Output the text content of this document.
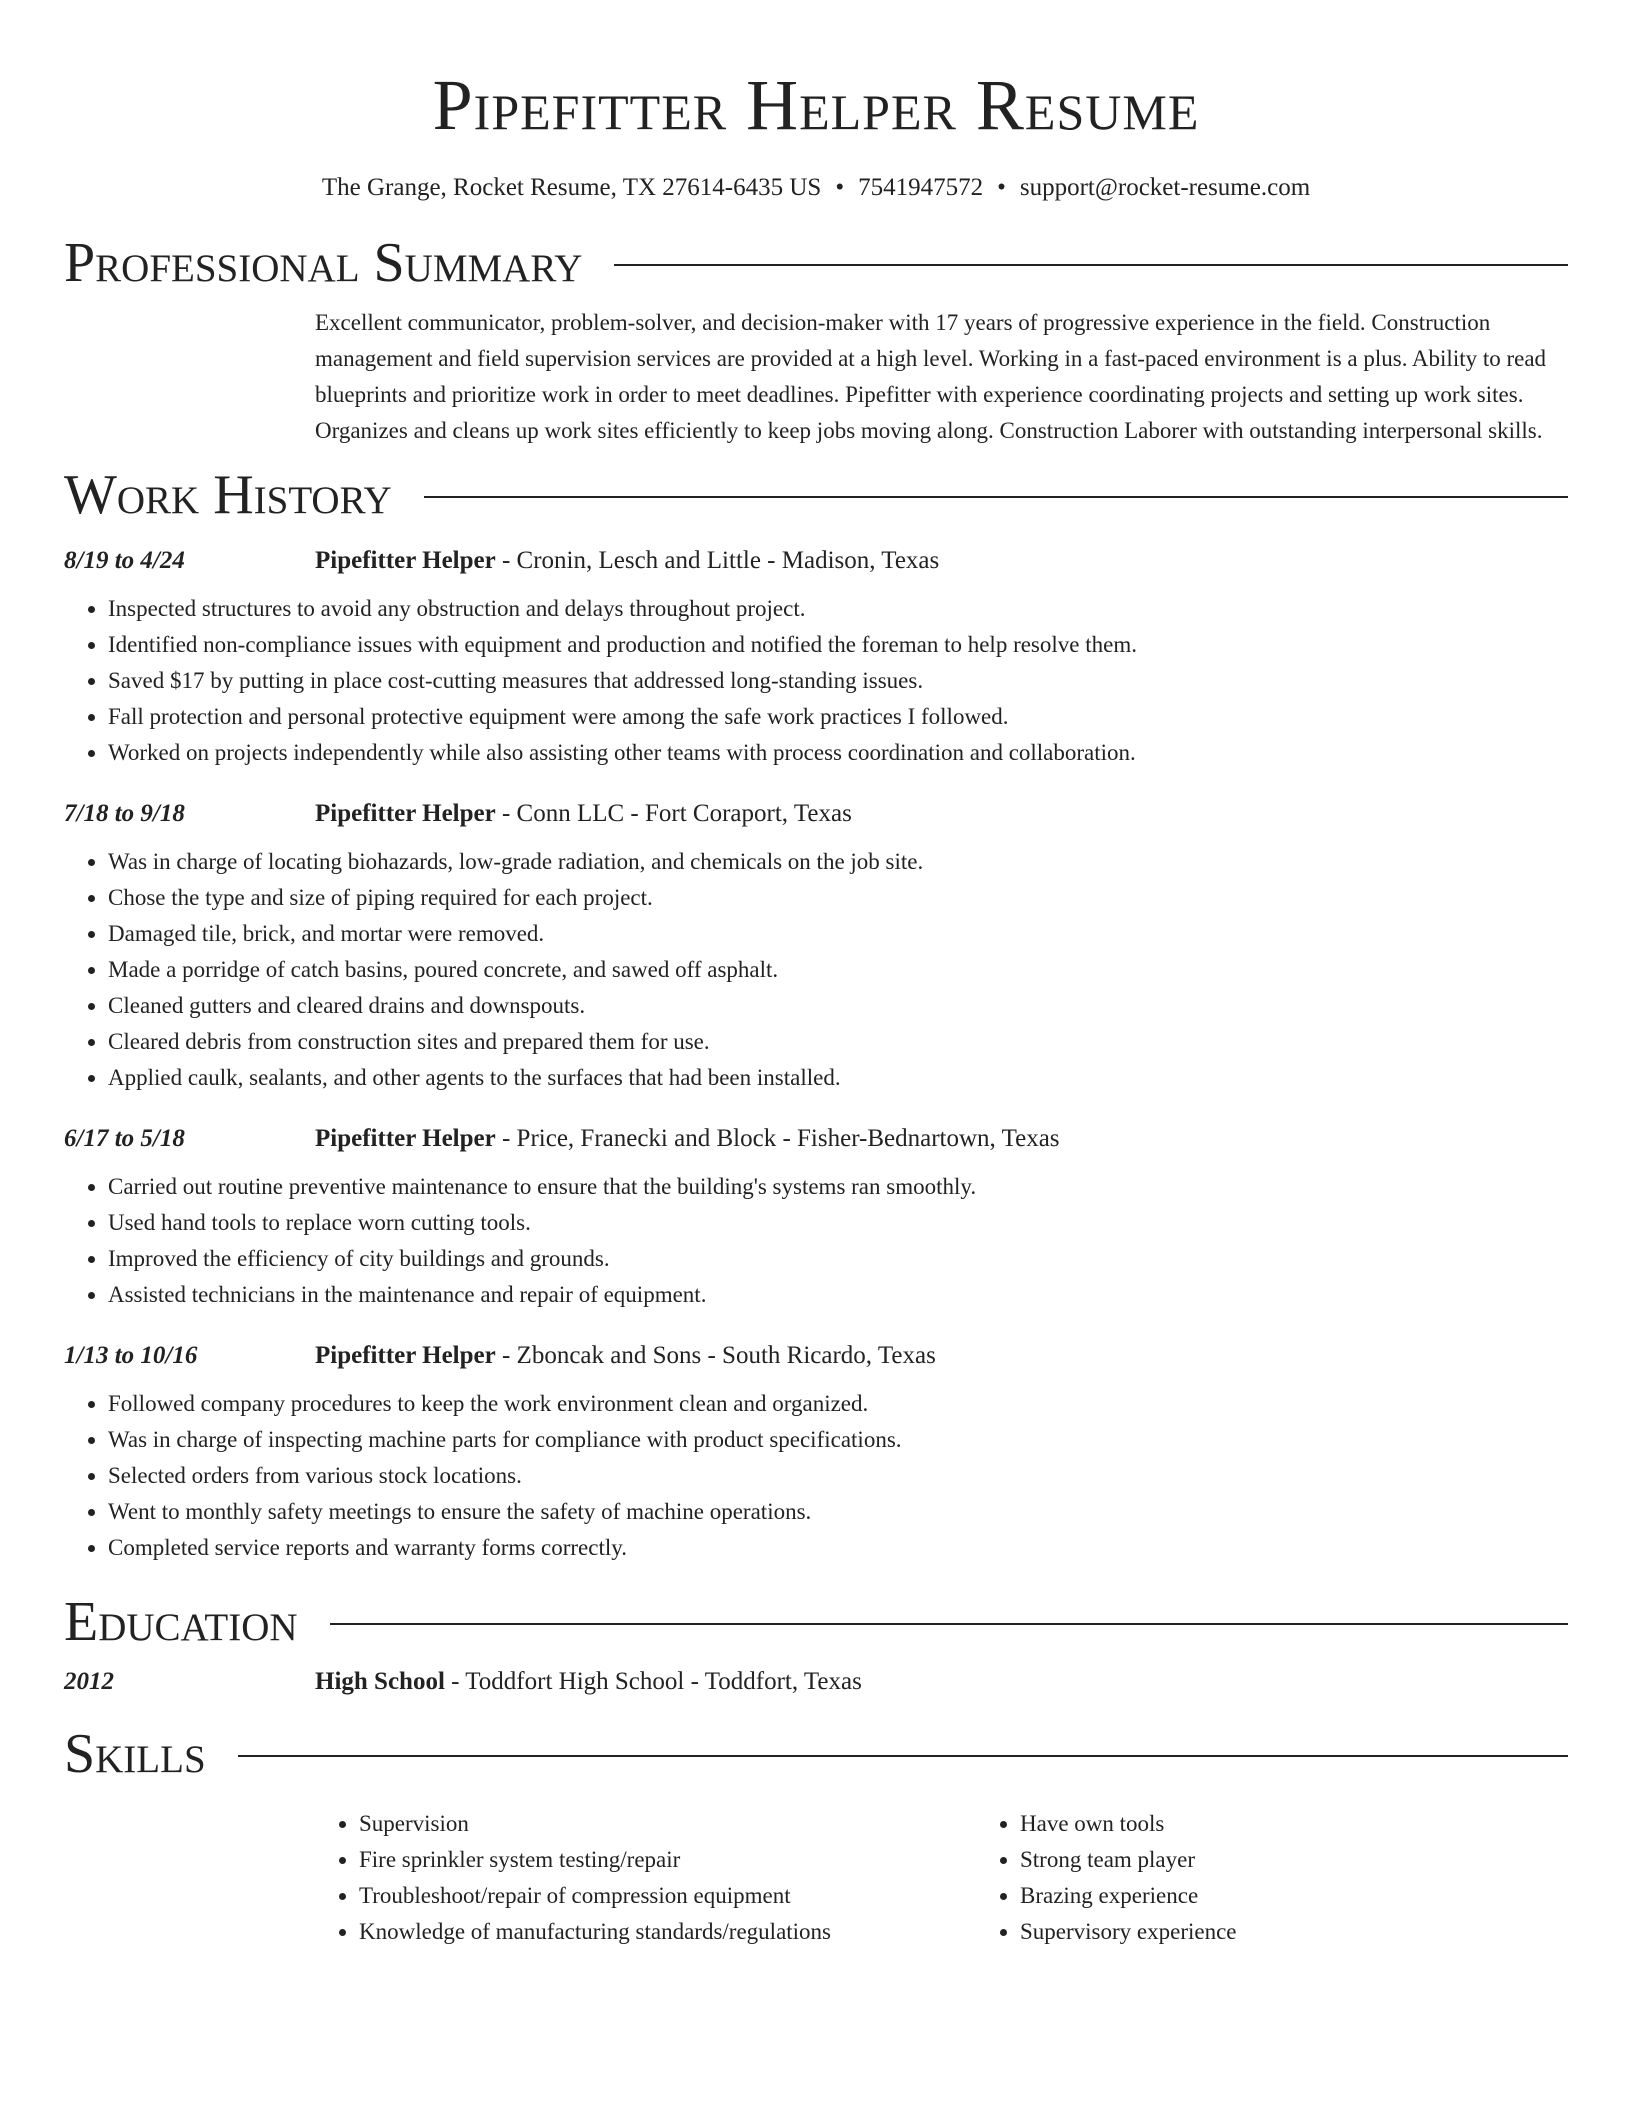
Pipefitter Helper Resume
The Grange, Rocket Resume, TX 27614-6435 US • 7541947572 • support@rocket-resume.com
Professional Summary
Excellent communicator, problem-solver, and decision-maker with 17 years of progressive experience in the field. Construction management and field supervision services are provided at a high level. Working in a fast-paced environment is a plus. Ability to read blueprints and prioritize work in order to meet deadlines. Pipefitter with experience coordinating projects and setting up work sites. Organizes and cleans up work sites efficiently to keep jobs moving along. Construction Laborer with outstanding interpersonal skills.
Work History
8/19 to 4/24	Pipefitter Helper - Cronin, Lesch and Little - Madison, Texas
• Inspected structures to avoid any obstruction and delays throughout project.
• Identified non-compliance issues with equipment and production and notified the foreman to help resolve them.
• Saved $17 by putting in place cost-cutting measures that addressed long-standing issues.
• Fall protection and personal protective equipment were among the safe work practices I followed.
• Worked on projects independently while also assisting other teams with process coordination and collaboration.
7/18 to 9/18	Pipefitter Helper - Conn LLC - Fort Coraport, Texas
• Was in charge of locating biohazards, low-grade radiation, and chemicals on the job site.
• Chose the type and size of piping required for each project.
• Damaged tile, brick, and mortar were removed.
• Made a porridge of catch basins, poured concrete, and sawed off asphalt.
• Cleaned gutters and cleared drains and downspouts.
• Cleared debris from construction sites and prepared them for use.
• Applied caulk, sealants, and other agents to the surfaces that had been installed.
6/17 to 5/18	Pipefitter Helper - Price, Franecki and Block - Fisher-Bednartown, Texas
• Carried out routine preventive maintenance to ensure that the building's systems ran smoothly.
• Used hand tools to replace worn cutting tools.
• Improved the efficiency of city buildings and grounds.
• Assisted technicians in the maintenance and repair of equipment.
1/13 to 10/16	Pipefitter Helper - Zboncak and Sons - South Ricardo, Texas
• Followed company procedures to keep the work environment clean and organized.
• Was in charge of inspecting machine parts for compliance with product specifications.
• Selected orders from various stock locations.
• Went to monthly safety meetings to ensure the safety of machine operations.
• Completed service reports and warranty forms correctly.
Education
2012	High School - Toddfort High School - Toddfort, Texas
Skills
• Supervision
• Fire sprinkler system testing/repair
• Troubleshoot/repair of compression equipment
• Knowledge of manufacturing standards/regulations
• Have own tools
• Strong team player
• Brazing experience
• Supervisory experience
